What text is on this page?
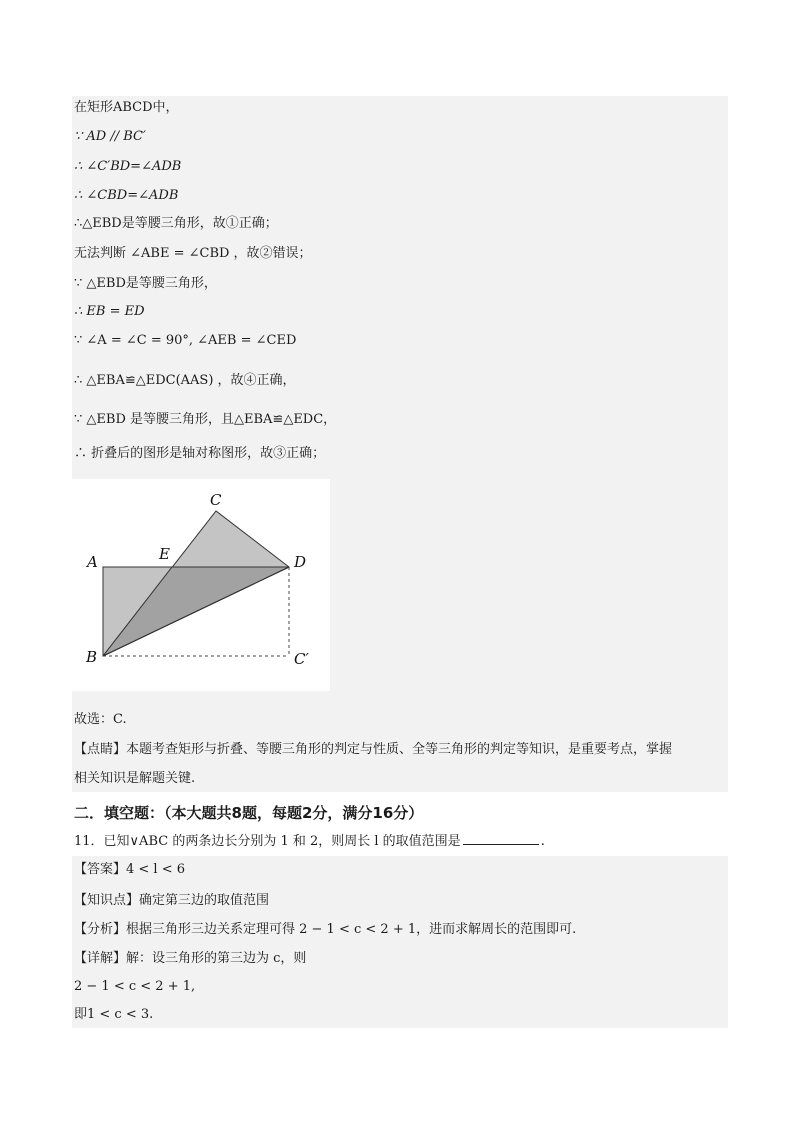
在矩形ABCD中，
∵ AD // BC′
∴ ∠C′BD=∠ADB
∴ ∠CBD=∠ADB
∴△EBD是等腰三角形，故①正确；
无法判断 ∠ABE = ∠CBD ，故②错误；
∵ △EBD是等腰三角形，
∴ EB = ED
∵ ∠A = ∠C = 90°, ∠AEB = ∠CED
∴ △EBA≌△EDC(AAS) ，故④正确，
∵ △EBD 是等腰三角形，且△EBA≌△EDC，
∴ 折叠后的图形是轴对称图形，故③正确；
A
B
C
D
E
C′
故选：C.
【点睛】本题考查矩形与折叠、等腰三角形的判定与性质、全等三角形的判定等知识，是重要考点，掌握
相关知识是解题关键.
二．填空题：（本大题共8题，每题2分，满分16分）
11．已知∨ABC 的两条边长分别为 1 和 2，则周长 l 的取值范围是	.
【答案】4 < l < 6
【知识点】确定第三边的取值范围
【分析】根据三角形三边关系定理可得 2 − 1 < c < 2 + 1，进而求解周长的范围即可.
【详解】解：设三角形的第三边为 c，则
2 − 1 < c < 2 + 1,
即1 < c < 3.
